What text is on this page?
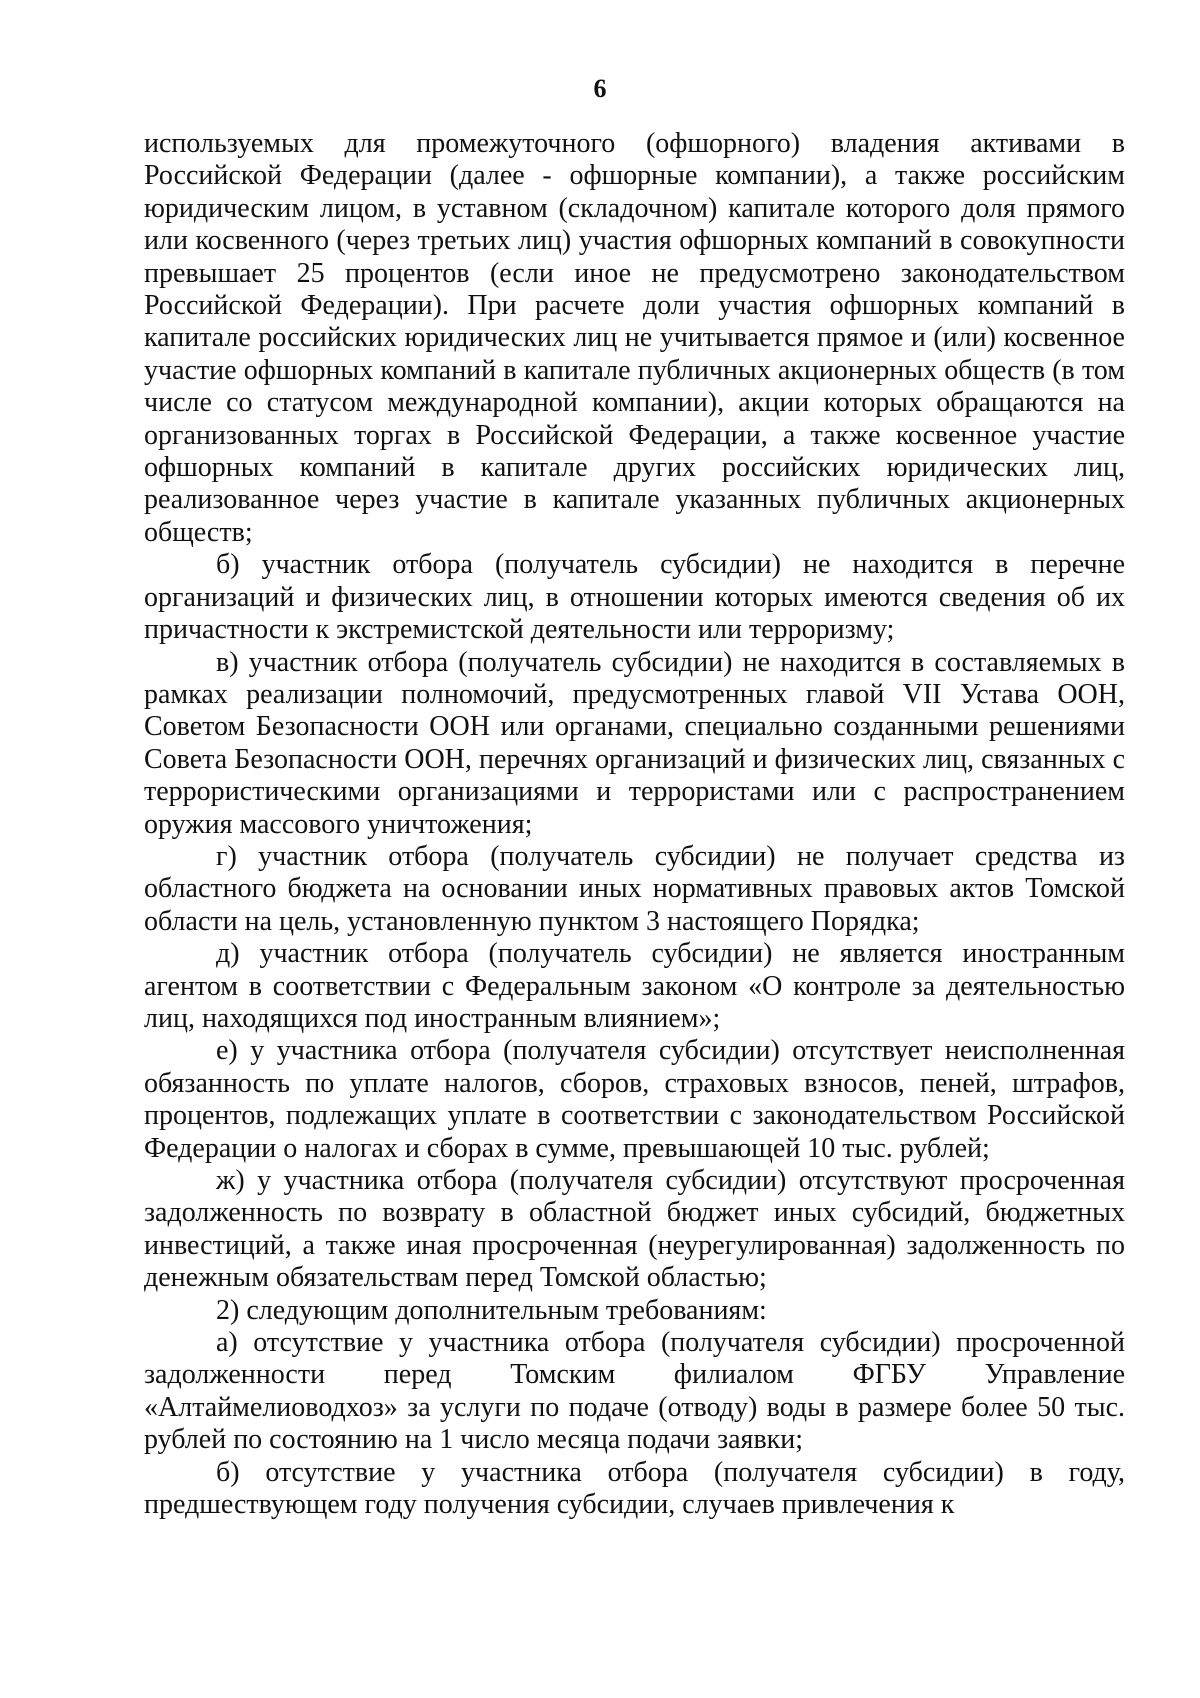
6

используемых для промежуточного (офшорного) владения активами в Российской Федерации (далее - офшорные компании), а также российским юридическим лицом, в уставном (складочном) капитале которого доля прямого или косвенного (через третьих лиц) участия офшорных компаний в совокупности превышает 25 процентов (если иное не предусмотрено законодательством Российской Федерации). При расчете доли участия офшорных компаний в капитале российских юридических лиц не учитывается прямое и (или) косвенное участие офшорных компаний в капитале публичных акционерных обществ (в том числе со статусом международной компании), акции которых обращаются на организованных торгах в Российской Федерации, а также косвенное участие офшорных компаний в капитале других российских юридических лиц, реализованное через участие в капитале указанных публичных акционерных обществ;

б) участник отбора (получатель субсидии) не находится в перечне организаций и физических лиц, в отношении которых имеются сведения об их причастности к экстремистской деятельности или терроризму;

в) участник отбора (получатель субсидии) не находится в составляемых в рамках реализации полномочий, предусмотренных главой VII Устава ООН, Советом Безопасности ООН или органами, специально созданными решениями Совета Безопасности ООН, перечнях организаций и физических лиц, связанных с террористическими организациями и террористами или с распространением оружия массового уничтожения;

г) участник отбора (получатель субсидии) не получает средства из областного бюджета на основании иных нормативных правовых актов Томской области на цель, установленную пунктом 3 настоящего Порядка;

д) участник отбора (получатель субсидии) не является иностранным агентом в соответствии с Федеральным законом «О контроле за деятельностью лиц, находящихся под иностранным влиянием»;

е) у участника отбора (получателя субсидии) отсутствует неисполненная обязанность по уплате налогов, сборов, страховых взносов, пеней, штрафов, процентов, подлежащих уплате в соответствии с законодательством Российской Федерации о налогах и сборах в сумме, превышающей 10 тыс. рублей;

ж) у участника отбора (получателя субсидии) отсутствуют просроченная задолженность по возврату в областной бюджет иных субсидий, бюджетных инвестиций, а также иная просроченная (неурегулированная) задолженность по денежным обязательствам перед Томской областью;

2) следующим дополнительным требованиям:

а) отсутствие у участника отбора (получателя субсидии) просроченной задолженности перед Томским филиалом ФГБУ Управление «Алтаймелиоводхоз» за услуги по подаче (отводу) воды в размере более 50 тыс. рублей по состоянию на 1 число месяца подачи заявки;

б) отсутствие у участника отбора (получателя субсидии) в году, предшествующем году получения субсидии, случаев привлечения к
